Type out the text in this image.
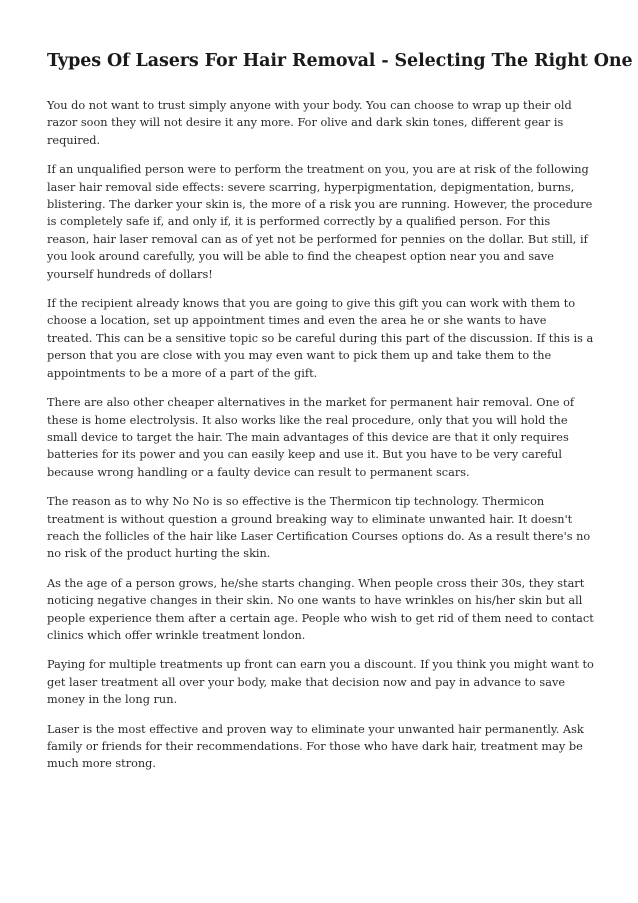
Types Of Lasers For Hair Removal - Selecting The Right One

You do not want to trust simply anyone with your body. You can choose to wrap up their old razor soon they will not desire it any more. For olive and dark skin tones, different gear is required.

If an unqualified person were to perform the treatment on you, you are at risk of the following laser hair removal side effects: severe scarring, hyperpigmentation, depigmentation, burns, blistering. The darker your skin is, the more of a risk you are running. However, the procedure is completely safe if, and only if, it is performed correctly by a qualified person. For this reason, hair laser removal can as of yet not be performed for pennies on the dollar. But still, if you look around carefully, you will be able to find the cheapest option near you and save yourself hundreds of dollars!

If the recipient already knows that you are going to give this gift you can work with them to choose a location, set up appointment times and even the area he or she wants to have treated. This can be a sensitive topic so be careful during this part of the discussion. If this is a person that you are close with you may even want to pick them up and take them to the appointments to be a more of a part of the gift.

There are also other cheaper alternatives in the market for permanent hair removal. One of these is home electrolysis. It also works like the real procedure, only that you will hold the small device to target the hair. The main advantages of this device are that it only requires batteries for its power and you can easily keep and use it. But you have to be very careful because wrong handling or a faulty device can result to permanent scars.

The reason as to why No No is so effective is the Thermicon tip technology. Thermicon treatment is without question a ground breaking way to eliminate unwanted hair. It doesn't reach the follicles of the hair like Laser Certification Courses options do. As a result there's no no risk of the product hurting the skin.

As the age of a person grows, he/she starts changing. When people cross their 30s, they start noticing negative changes in their skin. No one wants to have wrinkles on his/her skin but all people experience them after a certain age. People who wish to get rid of them need to contact clinics which offer wrinkle treatment london.

Paying for multiple treatments up front can earn you a discount. If you think you might want to get laser treatment all over your body, make that decision now and pay in advance to save money in the long run.

Laser is the most effective and proven way to eliminate your unwanted hair permanently. Ask family or friends for their recommendations. For those who have dark hair, treatment may be much more strong.
